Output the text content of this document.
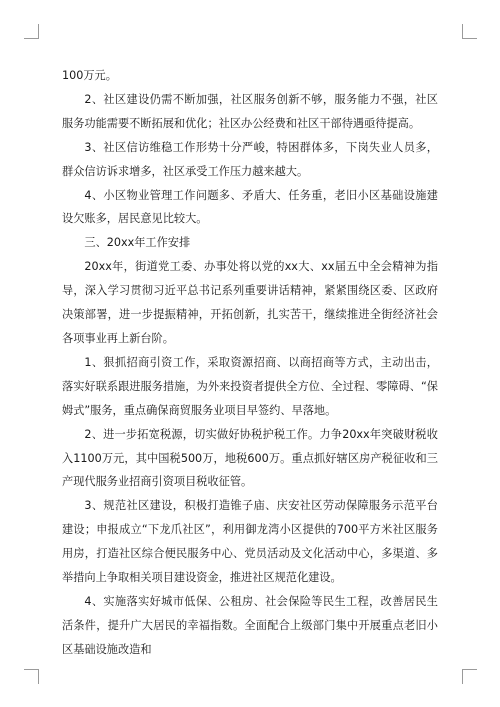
100万元。

2、社区建设仍需不断加强，社区服务创新不够，服务能力不强，社区服务功能需要不断拓展和优化；社区办公经费和社区干部待遇亟待提高。

3、社区信访维稳工作形势十分严峻，特困群体多，下岗失业人员多，群众信访诉求增多，社区承受工作压力越来越大。

4、小区物业管理工作问题多、矛盾大、任务重，老旧小区基础设施建设欠账多，居民意见比较大。

三、20xx年工作安排

20xx年，街道党工委、办事处将以党的xx大、xx届五中全会精神为指导，深入学习贯彻习近平总书记系列重要讲话精神，紧紧围绕区委、区政府决策部署，进一步提振精神，开拓创新，扎实苦干，继续推进全街经济社会各项事业再上新台阶。

1、狠抓招商引资工作，采取资源招商、以商招商等方式，主动出击，落实好联系跟进服务措施，为外来投资者提供全方位、全过程、零障碍、“保姆式”服务，重点确保商贸服务业项目早签约、早落地。

2、进一步拓宽税源，切实做好协税护税工作。力争20xx年突破财税收入1100万元，其中国税500万，地税600万。重点抓好辖区房产税征收和三产现代服务业招商引资项目税收征管。

3、规范社区建设，积极打造锥子庙、庆安社区劳动保障服务示范平台建设；申报成立“下龙爪社区”，利用御龙湾小区提供的700平方米社区服务用房，打造社区综合便民服务中心、党员活动及文化活动中心，多渠道、多举措向上争取相关项目建设资金，推进社区规范化建设。

4、实施落实好城市低保、公租房、社会保险等民生工程，改善居民生活条件，提升广大居民的幸福指数。全面配合上级部门集中开展重点老旧小区基础设施改造和
